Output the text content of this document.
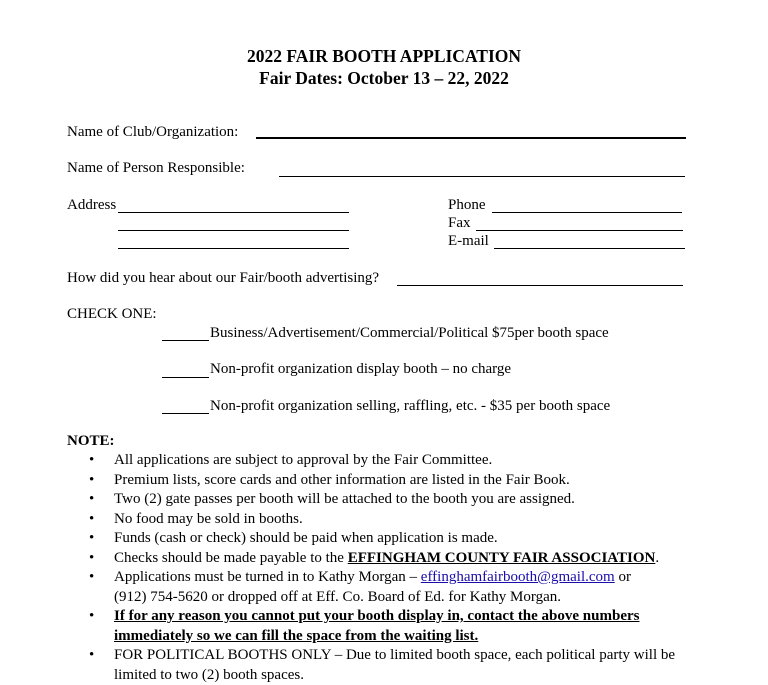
2022 FAIR BOOTH APPLICATION
Fair Dates: October 13 – 22, 2022
Name of Club/Organization:
Name of Person Responsible:
Address	Phone
Fax
E-mail
How did you hear about our Fair/booth advertising?
CHECK ONE:
Business/Advertisement/Commercial/Political $75per booth space
Non-profit organization display booth – no charge
Non-profit organization selling, raffling, etc. - $35 per booth space
NOTE:
• All applications are subject to approval by the Fair Committee.
• Premium lists, score cards and other information are listed in the Fair Book.
• Two (2) gate passes per booth will be attached to the booth you are assigned.
• No food may be sold in booths.
• Funds (cash or check) should be paid when application is made.
• Checks should be made payable to the EFFINGHAM COUNTY FAIR ASSOCIATION.
• Applications must be turned in to Kathy Morgan – effinghamfairbooth@gmail.com or
(912) 754-5620 or dropped off at Eff. Co. Board of Ed. for Kathy Morgan.
• If for any reason you cannot put your booth display in, contact the above numbers
immediately so we can fill the space from the waiting list.
• FOR POLITICAL BOOTHS ONLY – Due to limited booth space, each political party will be
limited to two (2) booth spaces.
